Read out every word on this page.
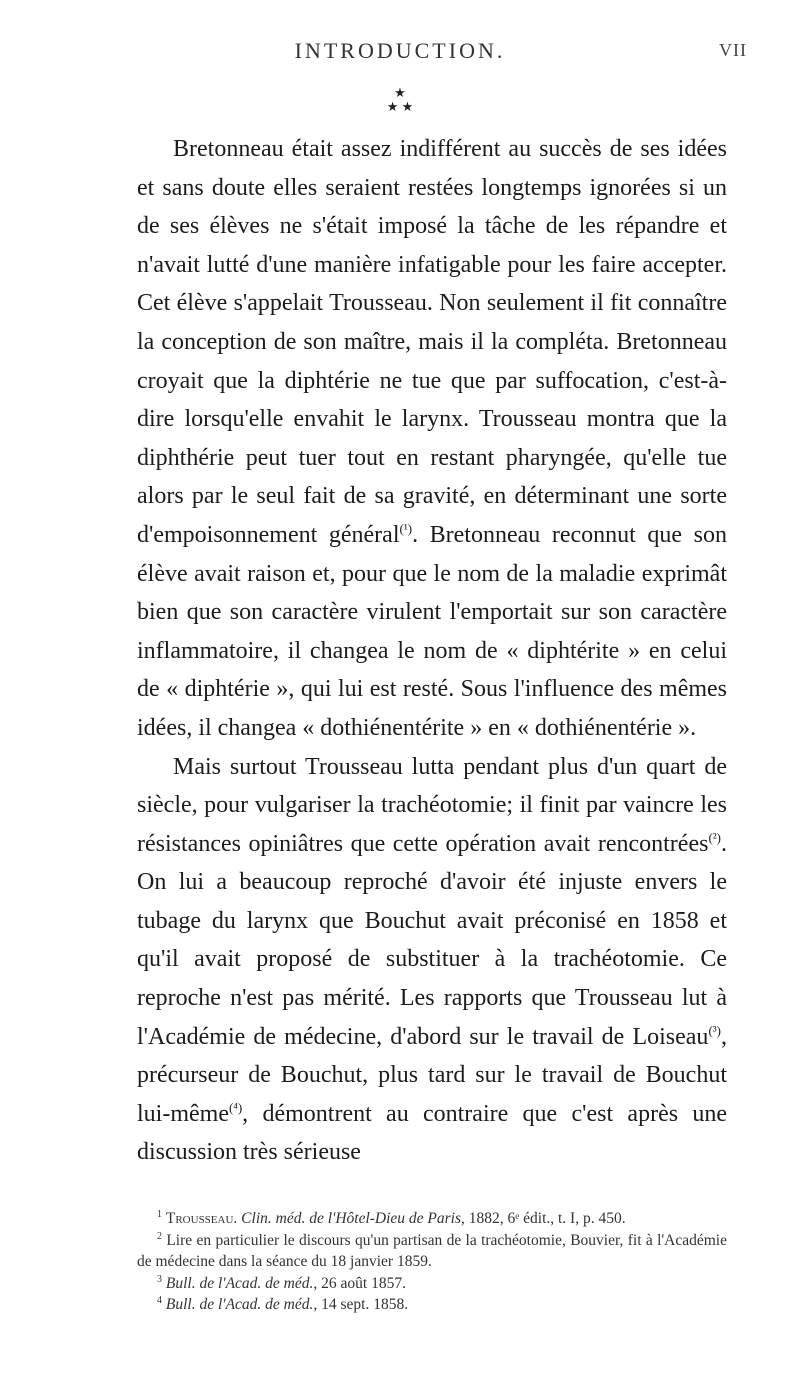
INTRODUCTION.	VII
★
★ ★

Bretonneau était assez indifférent au succès de ses idées et sans doute elles seraient restées longtemps ignorées si un de ses élèves ne s'était imposé la tâche de les répandre et n'avait lutté d'une manière infatigable pour les faire accepter. Cet élève s'appelait Trousseau. Non seulement il fit connaître la conception de son maître, mais il la compléta. Bretonneau croyait que la diphtérie ne tue que par suffocation, c'est-à-dire lorsqu'elle envahit le larynx. Trousseau montra que la diphthérie peut tuer tout en restant pharyngée, qu'elle tue alors par le seul fait de sa gravité, en déterminant une sorte d'empoisonnement général$^{(^1)}$. Bretonneau reconnut que son élève avait raison et, pour que le nom de la maladie exprimât bien que son caractère virulent l'emportait sur son caractère inflammatoire, il changea le nom de « diphtérite » en celui de « diphtérie », qui lui est resté. Sous l'influence des mêmes idées, il changea « dothiénentérite » en « dothiénentérie ».

Mais surtout Trousseau lutta pendant plus d'un quart de siècle, pour vulgariser la trachéotomie; il finit par vaincre les résistances opiniâtres que cette opération avait rencontrées$^{(^2)}$. On lui a beaucoup reproché d'avoir été injuste envers le tubage du larynx que Bouchut avait préconisé en 1858 et qu'il avait proposé de substituer à la trachéotomie. Ce reproche n'est pas mérité. Les rapports que Trousseau lut à l'Académie de médecine, d'abord sur le travail de Loiseau$^{(^3)}$, précurseur de Bouchut, plus tard sur le travail de Bouchut lui-même$^{(^4)}$, démontrent au contraire que c'est après une discussion très sérieuse

$^1$ Trousseau. Clin. méd. de l'Hôtel-Dieu de Paris, 1882, 6ᵉ édit., t. I, p. 450.

$^2$ Lire en particulier le discours qu'un partisan de la trachéotomie, Bouvier, fit à l'Académie de médecine dans la séance du 18 janvier 1859.

$^3$ Bull. de l'Acad. de méd., 26 août 1857.

$^4$ Bull. de l'Acad. de méd., 14 sept. 1858.
